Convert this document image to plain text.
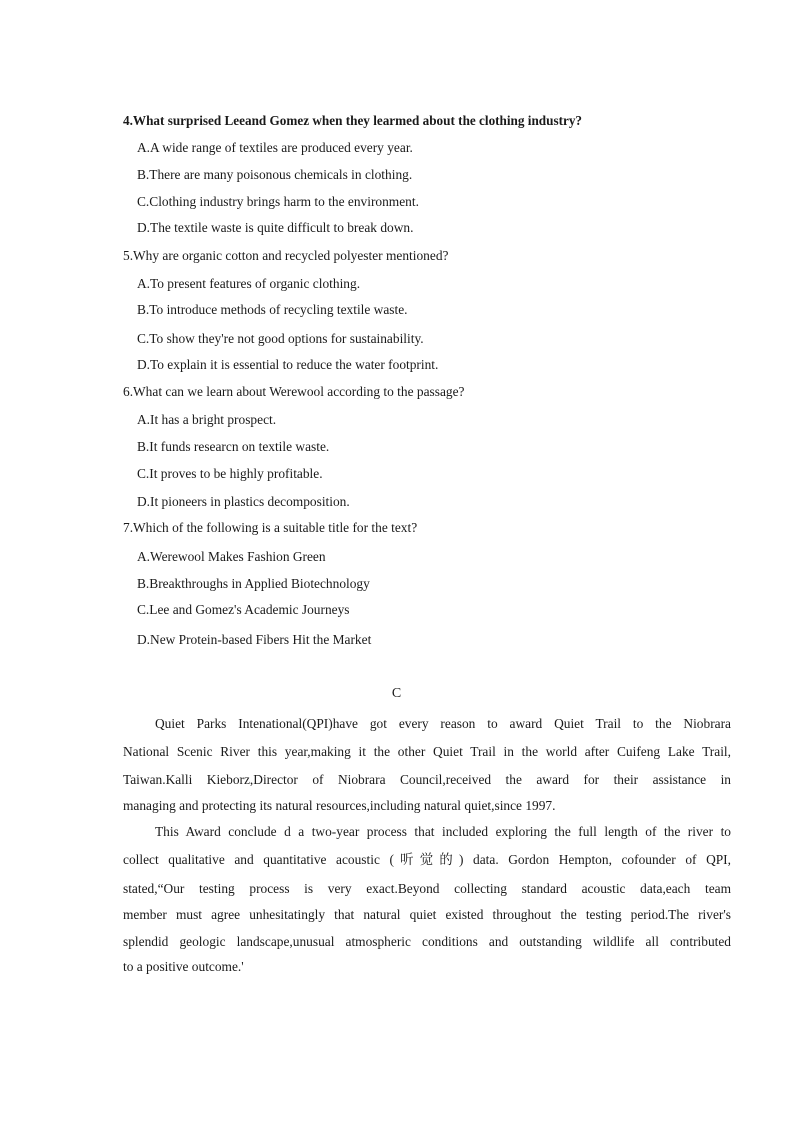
4.What surprised Leeand Gomez when they learmed about the clothing industry?
A.A wide range of textiles are produced every year.
B.There are many poisonous chemicals in clothing.
C.Clothing industry brings harm to the environment.
D.The textile waste is quite difficult to break down.
5.Why are organic cotton and recycled polyester mentioned?
A.To present features of organic clothing.
B.To introduce methods of recycling textile waste.
C.To show they're not good options for sustainability.
D.To explain it is essential to reduce the water footprint.
6.What can we learn about Werewool according to the passage?
A.It has a bright prospect.
B.It funds researcn on textile waste.
C.It proves to be highly profitable.
D.It pioneers in plastics decomposition.
7.Which of the following is a suitable title for the text?
A.Werewool Makes Fashion Green
B.Breakthroughs in Applied Biotechnology
C.Lee and Gomez's Academic Journeys
D.New Protein-based Fibers Hit the Market
C
Quiet Parks Intenational(QPI)have got every reason to award Quiet Trail to the Niobrara
National Scenic River this year,making it the other Quiet Trail in the world after Cuifeng Lake Trail,
Taiwan.Kalli Kieborz,Director of Niobrara Council,received the award for their assistance in
managing and protecting its natural resources,including natural quiet,since 1997.
This Award conclude d a two-year process that included exploring the full length of the river to
collect qualitative and quantitative acoustic (听觉的) data. Gordon Hempton, cofounder of QPI,
stated,“Our testing process is very exact.Beyond collecting standard acoustic data,each team
member must agree unhesitatingly that natural quiet existed throughout the testing period.The river's
splendid geologic landscape,unusual atmospheric conditions and outstanding wildlife all contributed
to a positive outcome.'
